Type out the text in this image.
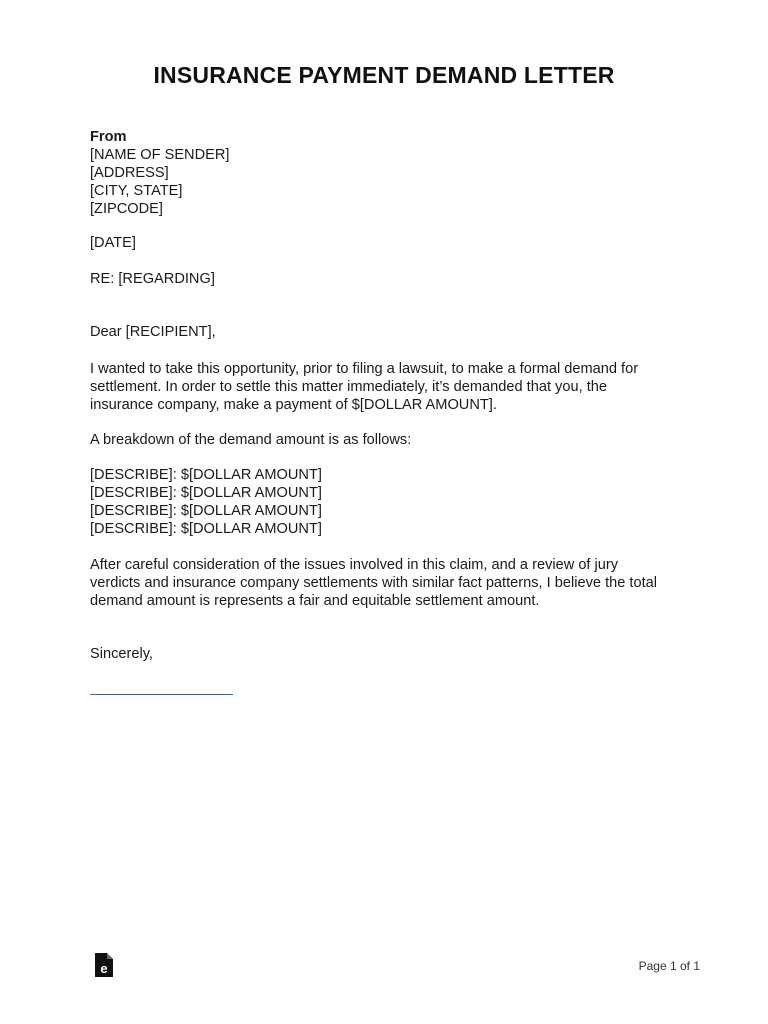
INSURANCE PAYMENT DEMAND LETTER
From
[NAME OF SENDER]
[ADDRESS]
[CITY, STATE]
[ZIPCODE]
[DATE]
RE: [REGARDING]
Dear [RECIPIENT],
I wanted to take this opportunity, prior to filing a lawsuit, to make a formal demand for
settlement. In order to settle this matter immediately, it’s demanded that you, the
insurance company, make a payment of $[DOLLAR AMOUNT].
A breakdown of the demand amount is as follows:
[DESCRIBE]: $[DOLLAR AMOUNT]
[DESCRIBE]: $[DOLLAR AMOUNT]
[DESCRIBE]: $[DOLLAR AMOUNT]
[DESCRIBE]: $[DOLLAR AMOUNT]
After careful consideration of the issues involved in this claim, and a review of jury
verdicts and insurance company settlements with similar fact patterns, I believe the total
demand amount is represents a fair and equitable settlement amount.
Sincerely,
e	Page 1 of 1
